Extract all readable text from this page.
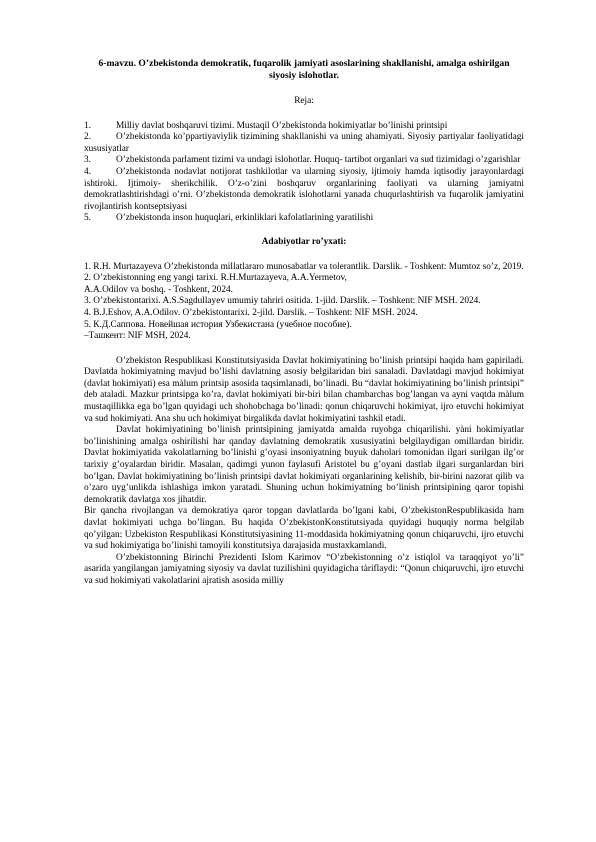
6-mavzu. O’zbekistonda demokratik, fuqarolik jamiyati asoslarining shakllanishi, amalga oshirilgan siyosiy islohotlar.
Reja:
1.	Milliy davlat boshqaruvi tizimi. Mustaqil O’zbekistonda hokimiyatlar bo’linishi printsipi
2.	O’zbekistonda ko’ppartiyaviylik tizimining shakllanishi va uning ahamiyati. Siyosiy partiyalar faoliyatidagi xususiyatlar
3.	O’zbekistonda parlament tizimi va undagi islohotlar. Huquq- tartibot organlari va sud tizimidagi o’zgarishlar
4.	O’zbekistonda nodavlat notijorat tashkilotlar va ularning siyosiy, ijtimoiy hamda iqtisodiy jarayonlardagi ishtiroki. Ijtimoiy- sherikchilik. O’z-o’zini boshqaruv organlarining faoliyati va ularning jamiyatni demokratlashtirishdagi o’rni. O’zbekistonda demokratik islohotlarni yanada chuqurlashtirish va fuqarolik jamiyatini rivojlantirish kontseptsiyasi
5.	O’zbekistonda inson huquqlari, erkinliklari kafolatlarining yaratilishi
Adabiyotlar ro’yxati:
1. R.H. Murtazayeva O’zbekistonda millatlararo munosabatlar va tolerantlik. Darslik. - Toshkent: Mumtoz so’z, 2019.
2. O’zbekistonning eng yangi tarixi. R.H.Murtazayeva, A.A.Yermetov,
A.A.Odilov va boshq. - Toshkent, 2024.
3. O’zbekistontarixi. A.S.Sagdullayev umumiy tahriri ositida. 1-jild. Darslik. – Toshkent: NIF MSH. 2024.
4. B.J.Eshov, A.A.Odilov. O’zbekistontarixi. 2-jild. Darslik. – Toshkent: NIF MSH. 2024.
5. К.Д.Саппова. Новейшая история Узбекистана (учебное пособие).
–Ташкент: NIF MSH, 2024.
O’zbekiston Respublikasi Konstitutsiyasida Davlat hokimiyatining bo’linish printsipi haqida ham gapiriladi. Davlatda hokimiyatning mavjud bo’lishi davlatning asosiy belgilaridan biri sanaladi. Davlatdagi mavjud hokimiyat (davlat hokimiyati) esa màlum printsip asosida taqsimlanadi, bo’linadi. Bu “davlat hokimiyatining bo’linish printsipi” deb ataladi. Mazkur printsipga ko’ra, davlat hokimiyati bir-biri bilan chambarchas bog’langan va ayni vaqtda màlum mustaqillikka ega bo’lgan quyidagi uch shohobchaga bo’linadi: qonun chiqaruvchi hokimiyat, ijro etuvchi hokimiyat va sud hokimiyati. Ana shu uch hokimiyat birgalikda davlat hokimiyatini tashkil etadi.
Davlat hokimiyatining bo’linish printsipining jamiyatda amalda ruyobga chiqarilishi. yàni hokimiyatlar bo’linishining amalga oshirilishi har qanday davlatning demokratik xususiyatini belgilaydigan omillardan biridir. Davlat hokimiyatida vakolatlarning bo’linishi g’oyasi insoniyatning buyuk daholari tomonidan ilgari surilgan ilg’or tarixiy g’oyalardan biridir. Masalan, qadimgi yunon faylasufi Aristotel bu g’oyani dastlab ilgari surganlardan biri bo’lgan. Davlat hokimiyatining bo’linish printsipi davlat hokimiyati organlarining kelishib, bir-birini nazorat qilib va o’zaro uyg’unlikda ishlashiga imkon yaratadi. Shuning uchun hokimiyatning bo’linish printsipining qaror topishi demokratik davlatga xos jihatdir.
Bir qancha rivojlangan va demokratiya qaror topgan davlatlarda bo’lgani kabi, O’zbekistonRespublikasida ham davlat hokimiyati uchga bo’lingan. Bu haqida O’zbekistonKonstitutsiyada quyidagi huquqiy norma belgilab qo’yilgan: Uzbekiston Respublikasi Konstitutsiyasining 11-moddasida hokimiyatning qonun chiqaruvchi, ijro etuvchi va sud hokimiyatiga bo’linishi tamoyili konstitutsiya darajasida mustaxkamlandi.
O’zbekistonning Birinchi Prezidenti Islom Karimov “O’zbekistonning o’z istiqlol va taraqqiyot yo’li” asarida yangilangan jamiyatning siyosiy va davlat tuzilishini quyidagicha tàriflaydi: “Qonun chiqaruvchi, ijro etuvchi va sud hokimiyati vakolatlarini ajratish asosida milliy
